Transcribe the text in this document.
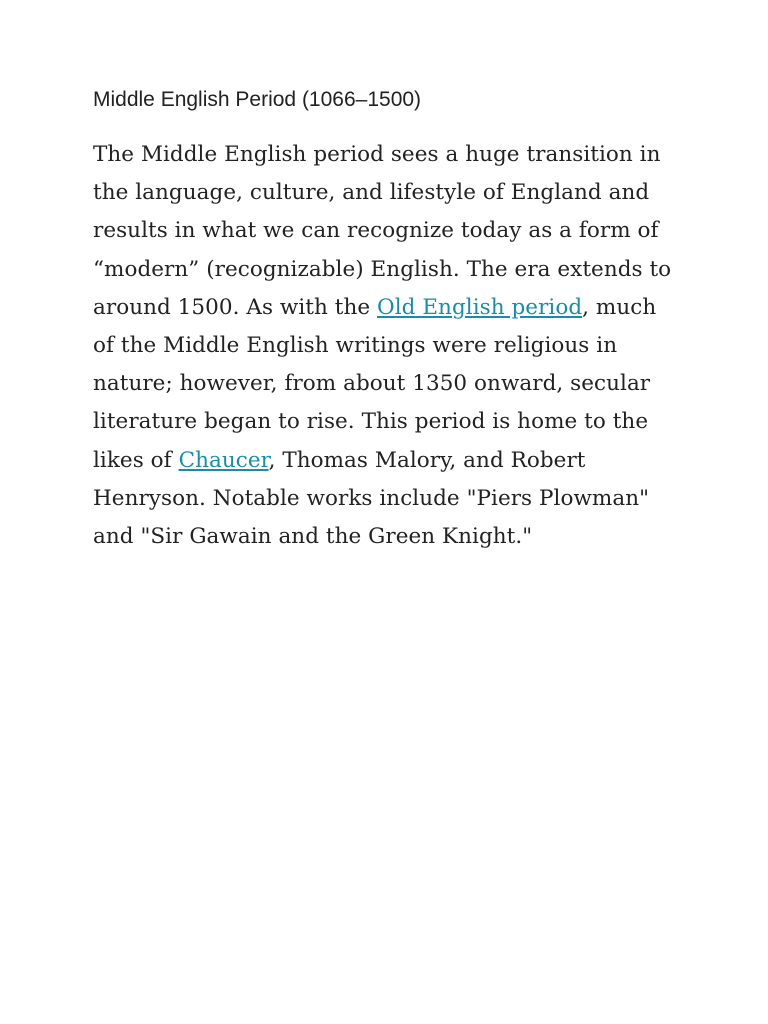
Middle English Period (1066–1500)

The Middle English period sees a huge transition in the language, culture, and lifestyle of England and results in what we can recognize today as a form of “modern” (recognizable) English. The era extends to around 1500. As with the Old English period, much of the Middle English writings were religious in nature; however, from about 1350 onward, secular literature began to rise. This period is home to the likes of Chaucer, Thomas Malory, and Robert Henryson. Notable works include "Piers Plowman" and "Sir Gawain and the Green Knight."
